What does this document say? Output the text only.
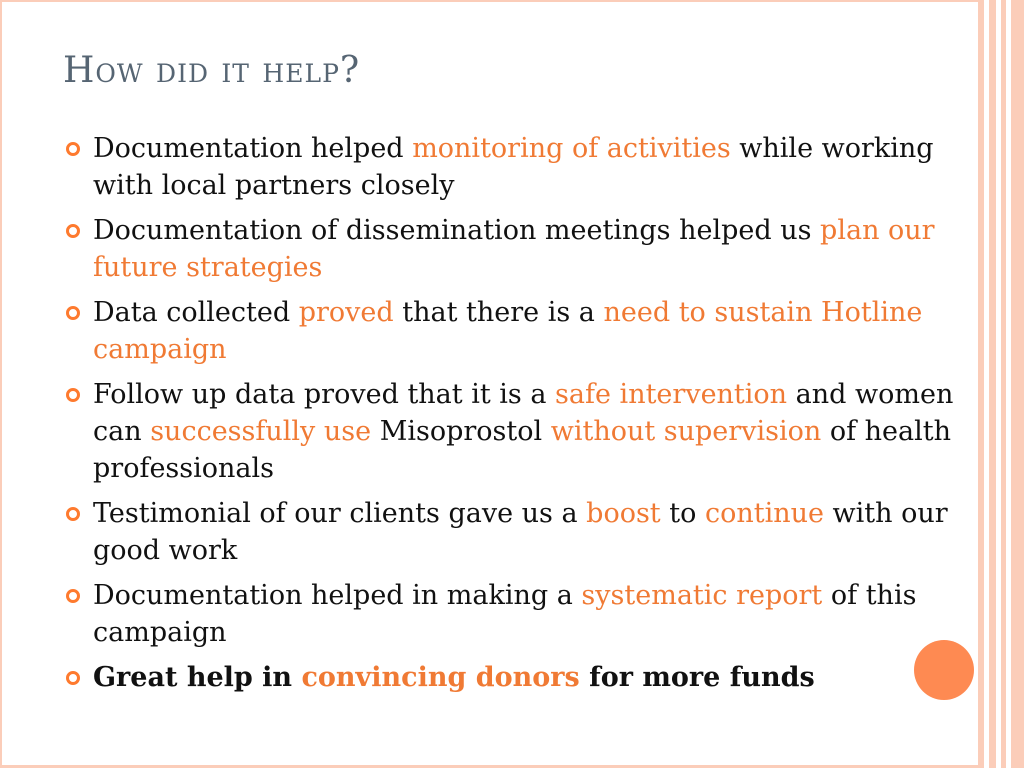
How did it help?
Documentation helped monitoring of activities while working with local partners closely
Documentation of dissemination meetings helped us plan our future strategies
Data collected proved that there is a need to sustain Hotline campaign
Follow up data proved that it is a safe intervention and women can successfully use Misoprostol without supervision of health professionals
Testimonial of our clients gave us a boost to continue with our good work
Documentation helped in making a systematic report of this campaign
Great help in convincing donors for more funds
